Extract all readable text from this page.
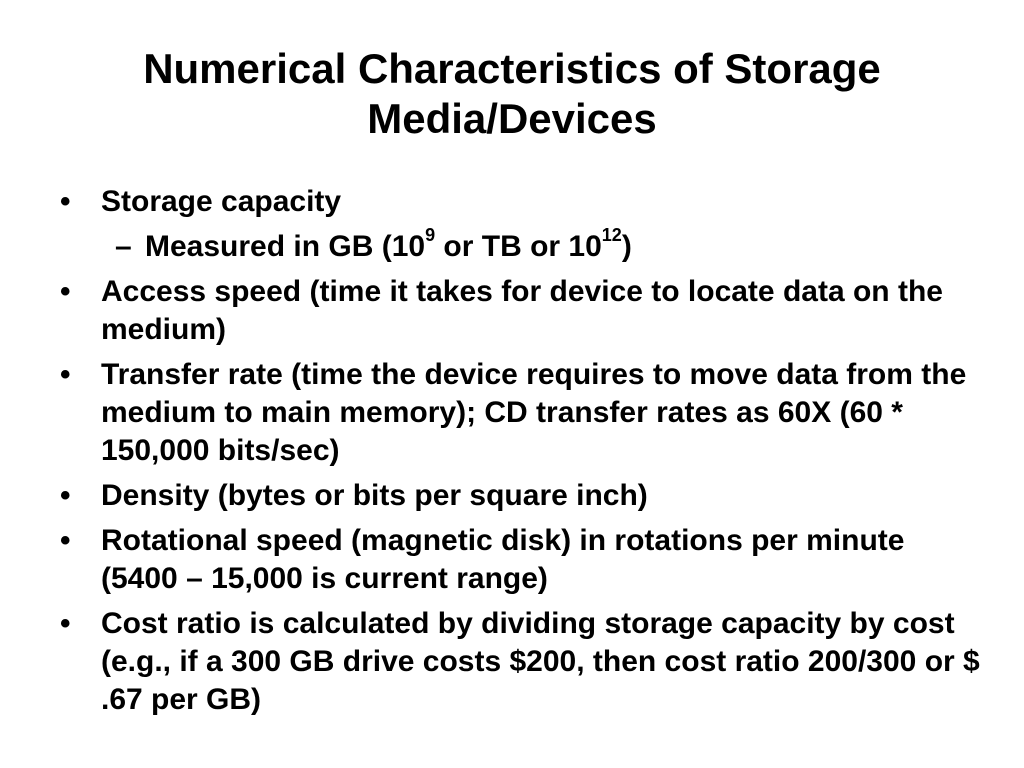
Numerical Characteristics of Storage
Media/Devices
• Storage capacity
– Measured in GB ($10^9$ or TB or $10^{12}$)
• Access speed (time it takes for device to locate data on the medium)
• Transfer rate (time the device requires to move data from the medium to main memory); CD transfer rates as 60X (60 * 150,000 bits/sec)
• Density (bytes or bits per square inch)
• Rotational speed (magnetic disk) in rotations per minute (5400 – 15,000 is current range)
• Cost ratio is calculated by dividing storage capacity by cost (e.g., if a 300 GB drive costs $200, then cost ratio 200/300 or $ .67 per GB)
